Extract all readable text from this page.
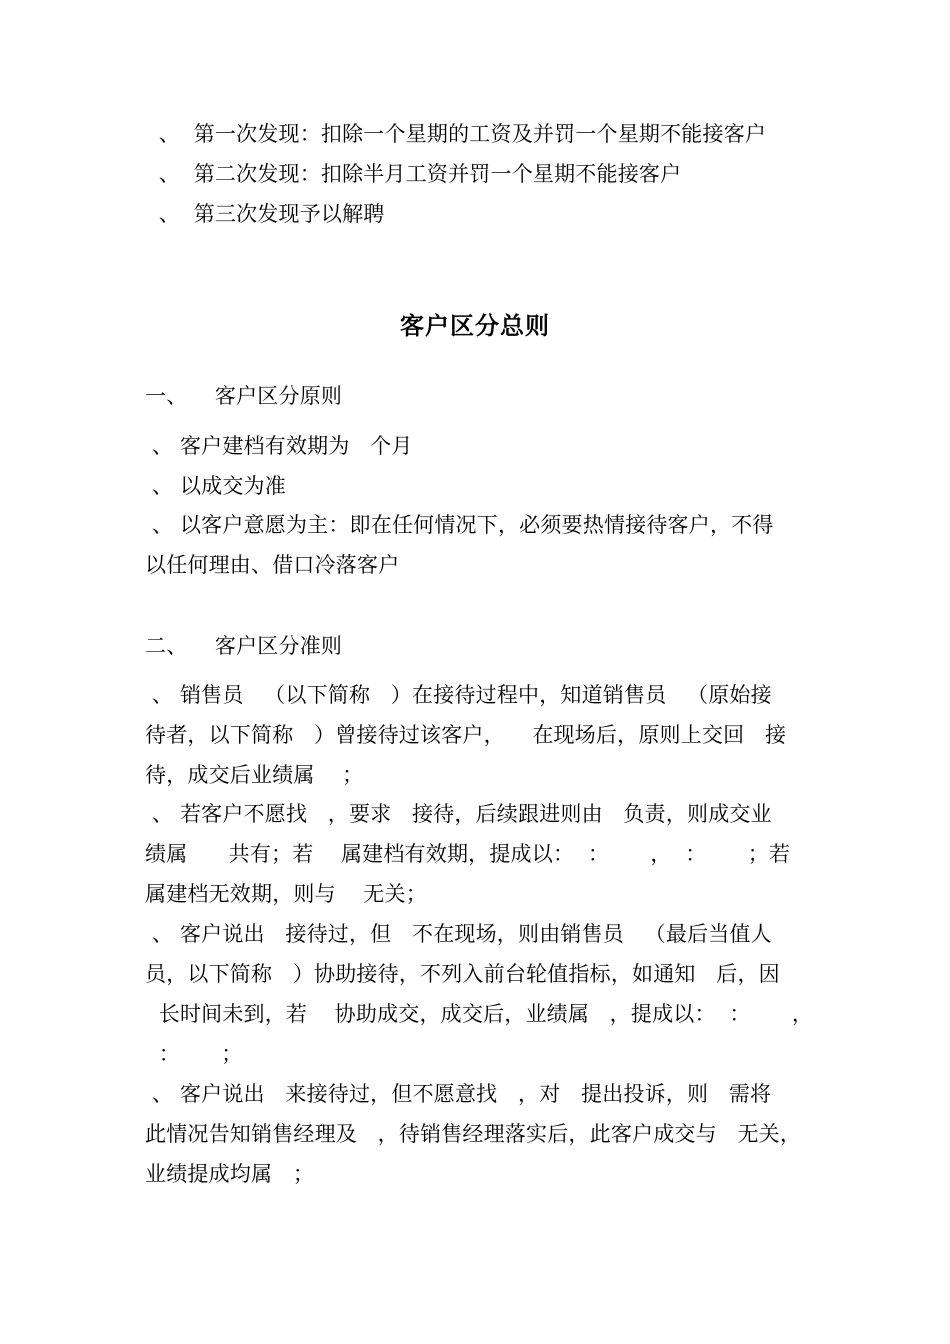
、  第一次发现：扣除一个星期的工资及并罚一个星期不能接客户

、  第二次发现：扣除半月工资并罚一个星期不能接客户

、  第三次发现予以解聘

客户区分总则

一、    客户区分原则

、 客户建档有效期为   个月

、 以成交为准

、 以客户意愿为主：即在任何情况下，必须要热情接待客户，不得

以任何理由、借口冷落客户

二、    客户区分准则

、 销售员   （以下简称   ）在接待过程中，知道销售员   （原始接

待者，以下简称   ）曾接待过该客户，    在现场后，原则上交回   接

待，成交后业绩属    ；

、 若客户不愿找   ，要求   接待，后续跟进则由   负责，则成交业

绩属      共有；若    属建档有效期，提成以：  ：      ，  ：      ；若

属建档无效期，则与    无关；

、 客户说出   接待过，但   不在现场，则由销售员   （最后当值人

员，以下简称   ）协助接待，不列入前台轮值指标，如通知   后，因

长时间未到，若    协助成交，成交后，业绩属   ，提成以：  ：      ，

：      ；

、 客户说出   来接待过，但不愿意找   ，对   提出投诉，则   需将

此情况告知销售经理及   ，待销售经理落实后，此客户成交与   无关，

业绩提成均属   ；
